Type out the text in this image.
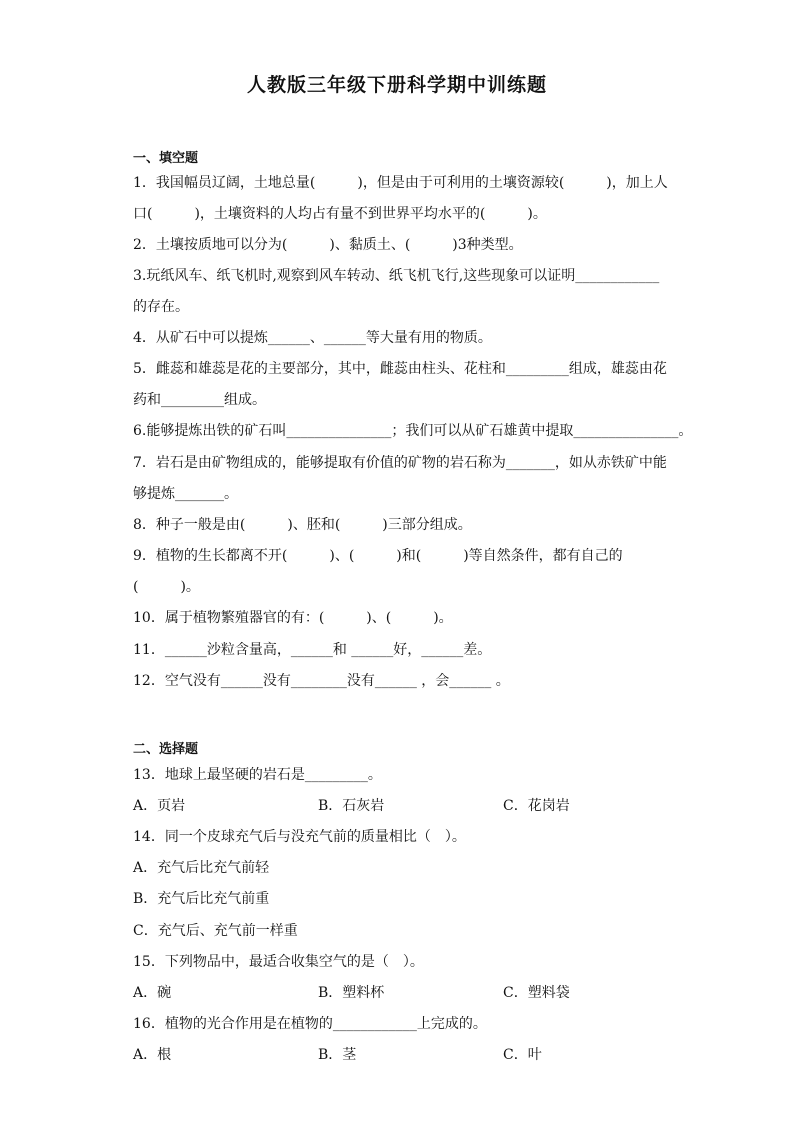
人教版三年级下册科学期中训练题
一、填空题
1．我国幅员辽阔，土地总量(　　　)，但是由于可利用的土壤资源较(　　　)，加上人
口(　　　)，土壤资料的人均占有量不到世界平均水平的(　　　)。
2．土壤按质地可以分为(　　　)、黏质土、(　　　)3种类型。
3.玩纸风车、纸飞机时,观察到风车转动、纸飞机飞行,这些现象可以证明____________
的存在。
4．从矿石中可以提炼______、______等大量有用的物质。
5．雌蕊和雄蕊是花的主要部分，其中，雌蕊由柱头、花柱和_________组成，雄蕊由花
药和_________组成。
6.能够提炼出铁的矿石叫_______________；我们可以从矿石雄黄中提取_______________。
7．岩石是由矿物组成的，能够提取有价值的矿物的岩石称为_______，如从赤铁矿中能
够提炼_______。
8．种子一般是由(　　　)、胚和(　　　)三部分组成。
9．植物的生长都离不开(　　　)、(　　　)和(　　　)等自然条件，都有自己的
(　　　)。
10．属于植物繁殖器官的有：(　　　)、(　　　)。
11．______沙粒含量高，______和 ______好，______差。
12．空气没有______没有________没有______ ，会______ 。
二、选择题
13．地球上最坚硬的岩石是_________。
A．页岩	B．石灰岩	C．花岗岩
14．同一个皮球充气后与没充气前的质量相比（　）。
A．充气后比充气前轻
B．充气后比充气前重
C．充气后、充气前一样重
15．下列物品中，最适合收集空气的是（　）。
A．碗	B．塑料杯	C．塑料袋
16．植物的光合作用是在植物的____________上完成的。
A．根	B．茎	C．叶
